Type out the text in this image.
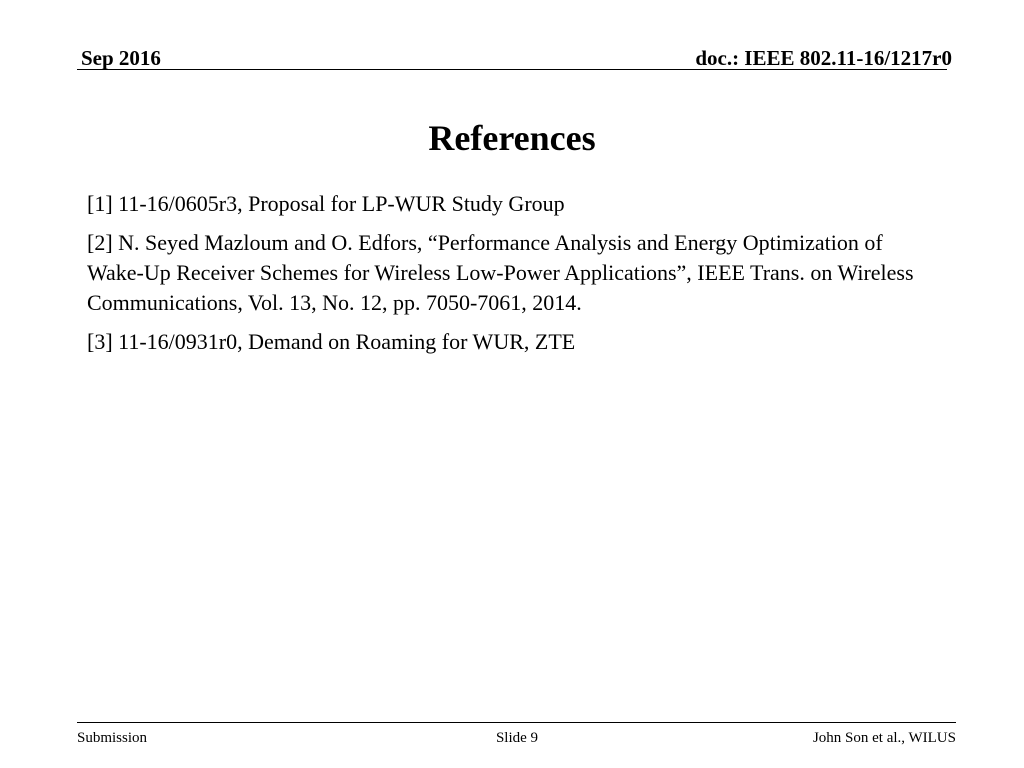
Sep 2016	doc.: IEEE 802.11-16/1217r0
References
[1] 11-16/0605r3, Proposal for LP-WUR Study Group
[2] N. Seyed Mazloum and O. Edfors, “Performance Analysis and Energy Optimization of Wake-Up Receiver Schemes for Wireless Low-Power Applications”, IEEE Trans. on Wireless Communications, Vol. 13, No. 12, pp. 7050-7061, 2014.
[3] 11-16/0931r0, Demand on Roaming for WUR, ZTE
Submission	Slide 9	John Son et al., WILUS
